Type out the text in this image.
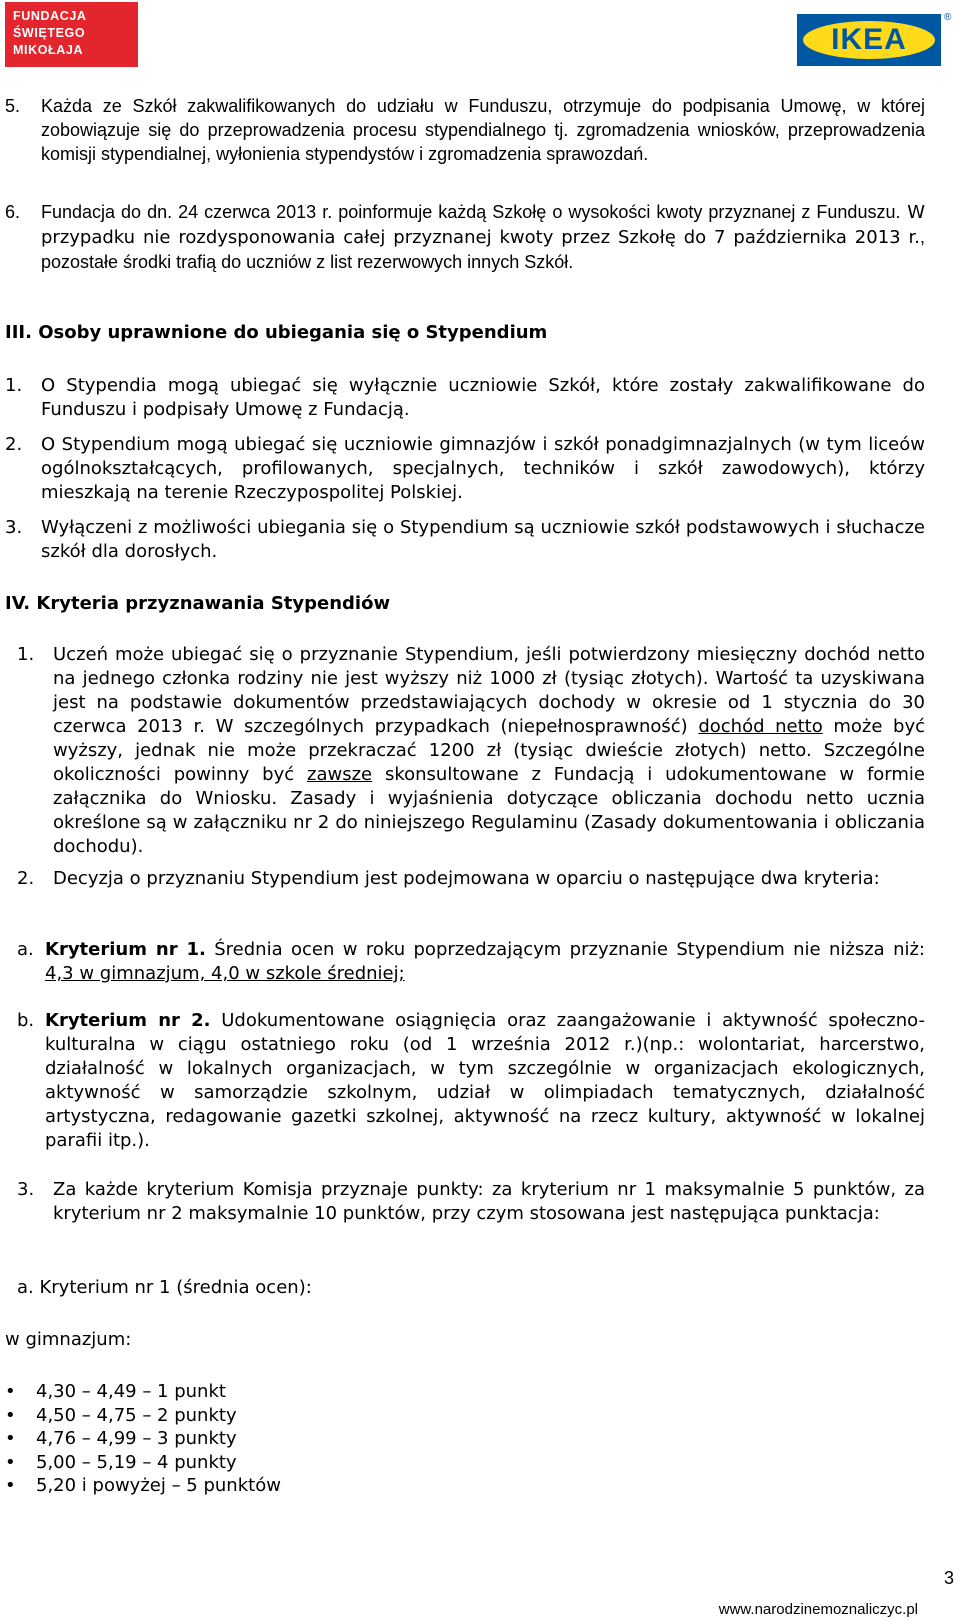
FUNDACJA
ŚWIĘTEGO
MIKOŁAJA	IKEA
®
5. Każda ze Szkół zakwalifikowanych do udziału w Funduszu, otrzymuje do podpisania Umowę, w której zobowiązuje się do przeprowadzenia procesu stypendialnego tj. zgromadzenia wniosków, przeprowadzenia komisji stypendialnej, wyłonienia stypendystów i zgromadzenia sprawozdań.
6. Fundacja do dn. 24 czerwca 2013 r. poinformuje każdą Szkołę o wysokości kwoty przyznanej z Funduszu. W przypadku nie rozdysponowania całej przyznanej kwoty przez Szkołę do 7 października 2013 r., pozostałe środki trafią do uczniów z list rezerwowych innych Szkół.
III. Osoby uprawnione do ubiegania się o Stypendium
1. O Stypendia mogą ubiegać się wyłącznie uczniowie Szkół, które zostały zakwalifikowane do Funduszu i podpisały Umowę z Fundacją.
2. O Stypendium mogą ubiegać się uczniowie gimnazjów i szkół ponadgimnazjalnych (w tym liceów ogólnokształcących, profilowanych, specjalnych, techników i szkół zawodowych), którzy mieszkają na terenie Rzeczypospolitej Polskiej.
3. Wyłączeni z możliwości ubiegania się o Stypendium są uczniowie szkół podstawowych i słuchacze szkół dla dorosłych.
IV. Kryteria przyznawania Stypendiów
1. Uczeń może ubiegać się o przyznanie Stypendium, jeśli potwierdzony miesięczny dochód netto na jednego członka rodziny nie jest wyższy niż 1000 zł (tysiąc złotych). Wartość ta uzyskiwana jest na podstawie dokumentów przedstawiających dochody w okresie od 1 stycznia do 30 czerwca 2013 r. W szczególnych przypadkach (niepełnosprawność) dochód netto może być wyższy, jednak nie może przekraczać 1200 zł (tysiąc dwieście złotych) netto. Szczególne okoliczności powinny być zawsze skonsultowane z Fundacją i udokumentowane w formie załącznika do Wniosku. Zasady i wyjaśnienia dotyczące obliczania dochodu netto ucznia określone są w załączniku nr 2 do niniejszego Regulaminu (Zasady dokumentowania i obliczania dochodu).
2. Decyzja o przyznaniu Stypendium jest podejmowana w oparciu o następujące dwa kryteria:
a. Kryterium nr 1. Średnia ocen w roku poprzedzającym przyznanie Stypendium nie niższa niż: 4,3 w gimnazjum, 4,0 w szkole średniej;
b. Kryterium nr 2. Udokumentowane osiągnięcia oraz zaangażowanie i aktywność społeczno-kulturalna w ciągu ostatniego roku (od 1 września 2012 r.)(np.: wolontariat, harcerstwo, działalność w lokalnych organizacjach, w tym szczególnie w organizacjach ekologicznych, aktywność w samorządzie szkolnym, udział w olimpiadach tematycznych, działalność artystyczna, redagowanie gazetki szkolnej, aktywność na rzecz kultury, aktywność w lokalnej parafii itp.).
3. Za każde kryterium Komisja przyznaje punkty: za kryterium nr 1 maksymalnie 5 punktów, za kryterium nr 2 maksymalnie 10 punktów, przy czym stosowana jest następująca punktacja:
a. Kryterium nr 1 (średnia ocen):
w gimnazjum:
• 4,30 – 4,49 – 1 punkt
• 4,50 – 4,75 – 2 punkty
• 4,76 – 4,99 – 3 punkty
• 5,00 – 5,19 – 4 punkty
• 5,20 i powyżej – 5 punktów
3
www.narodzinemoznaliczyc.pl
